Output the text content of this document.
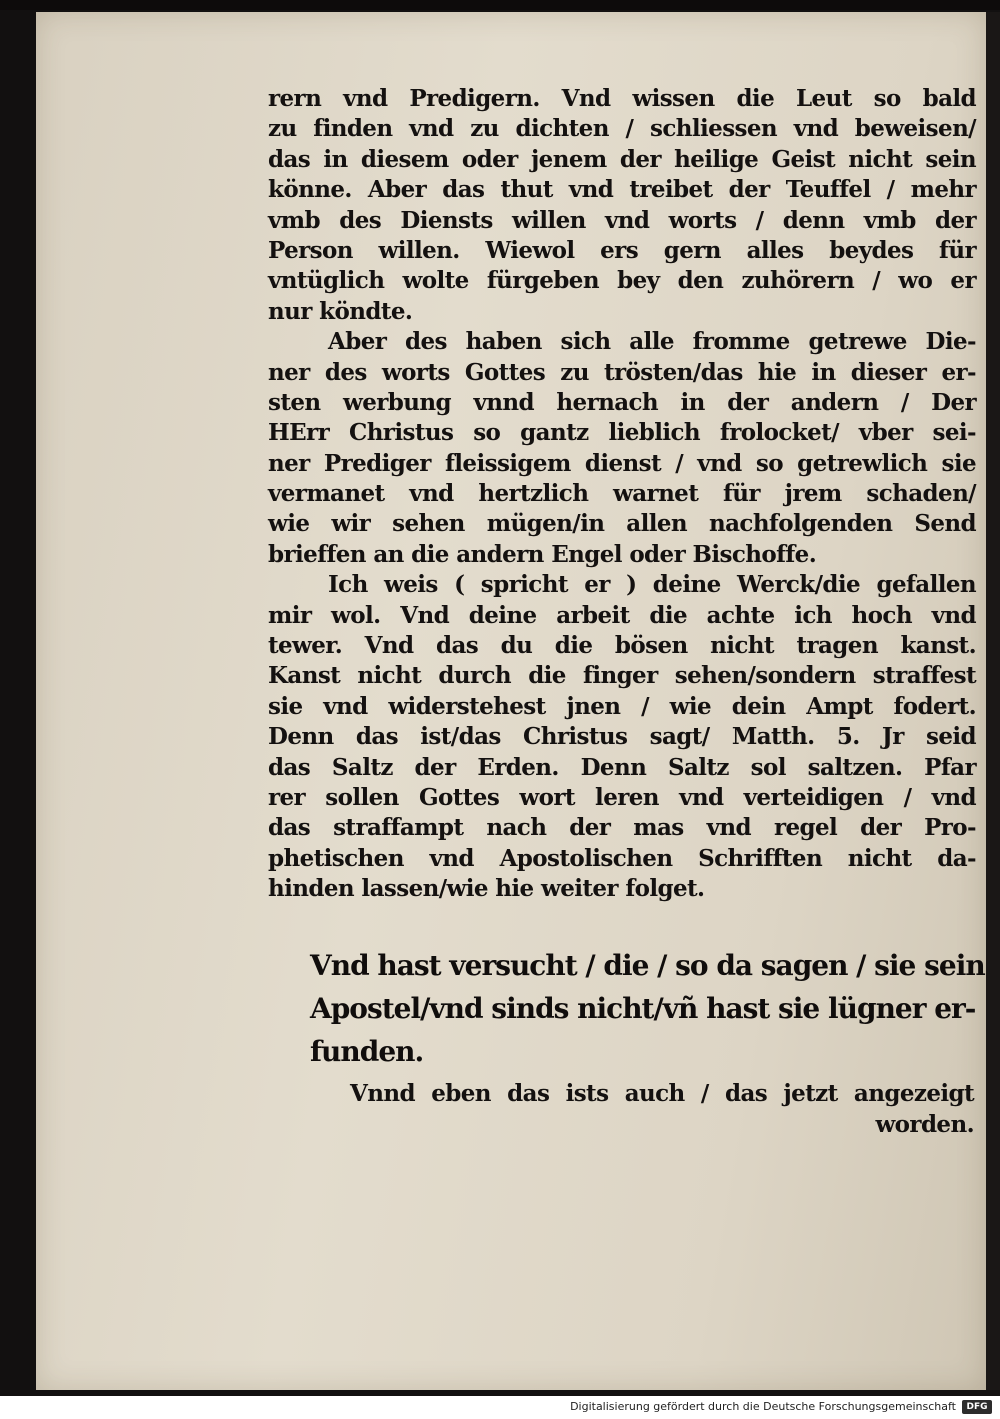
rern vnd Predigern. Vnd wissen die Leut so bald
zu finden vnd zu dichten / schliessen vnd beweisen/
das in diesem oder jenem der heilige Geist nicht sein
könne. Aber das thut vnd treibet der Teuffel / mehr
vmb des Diensts willen vnd worts / denn vmb der
Person willen. Wiewol ers gern alles beydes für
vntüglich wolte fürgeben bey den zuhörern / wo er
nur köndte.
Aber des haben sich alle fromme getrewe Die-
ner des worts Gottes zu trösten/das hie in dieser er-
sten werbung vnnd hernach in der andern / Der
HErr Christus so gantz lieblich frolocket/ vber sei-
ner Prediger fleissigem dienst / vnd so getrewlich sie
vermanet vnd hertzlich warnet für jrem schaden/
wie wir sehen mügen/in allen nachfolgenden Send
brieffen an die andern Engel oder Bischoffe.
Ich weis ( spricht er ) deine Werck/die gefallen
mir wol. Vnd deine arbeit die achte ich hoch vnd
tewer. Vnd das du die bösen nicht tragen kanst.
Kanst nicht durch die finger sehen/sondern straffest
sie vnd widerstehest jnen / wie dein Ampt fodert.
Denn das ist/das Christus sagt/ Matth. 5. Jr seid
das Saltz der Erden. Denn Saltz sol saltzen. Pfar
rer sollen Gottes wort leren vnd verteidigen / vnd
das straffampt nach der mas vnd regel der Pro-
phetischen vnd Apostolischen Schrifften nicht da-
hinden lassen/wie hie weiter folget.
Vnd hast versucht / die / so da sagen / sie sein
Apostel/vnd sinds nicht/vñ hast sie lügner er-
funden.
Vnnd eben das ists auch / das jetzt angezeigt
worden.
Digitalisierung gefördert durch die Deutsche Forschungsgemeinschaft	DFG
